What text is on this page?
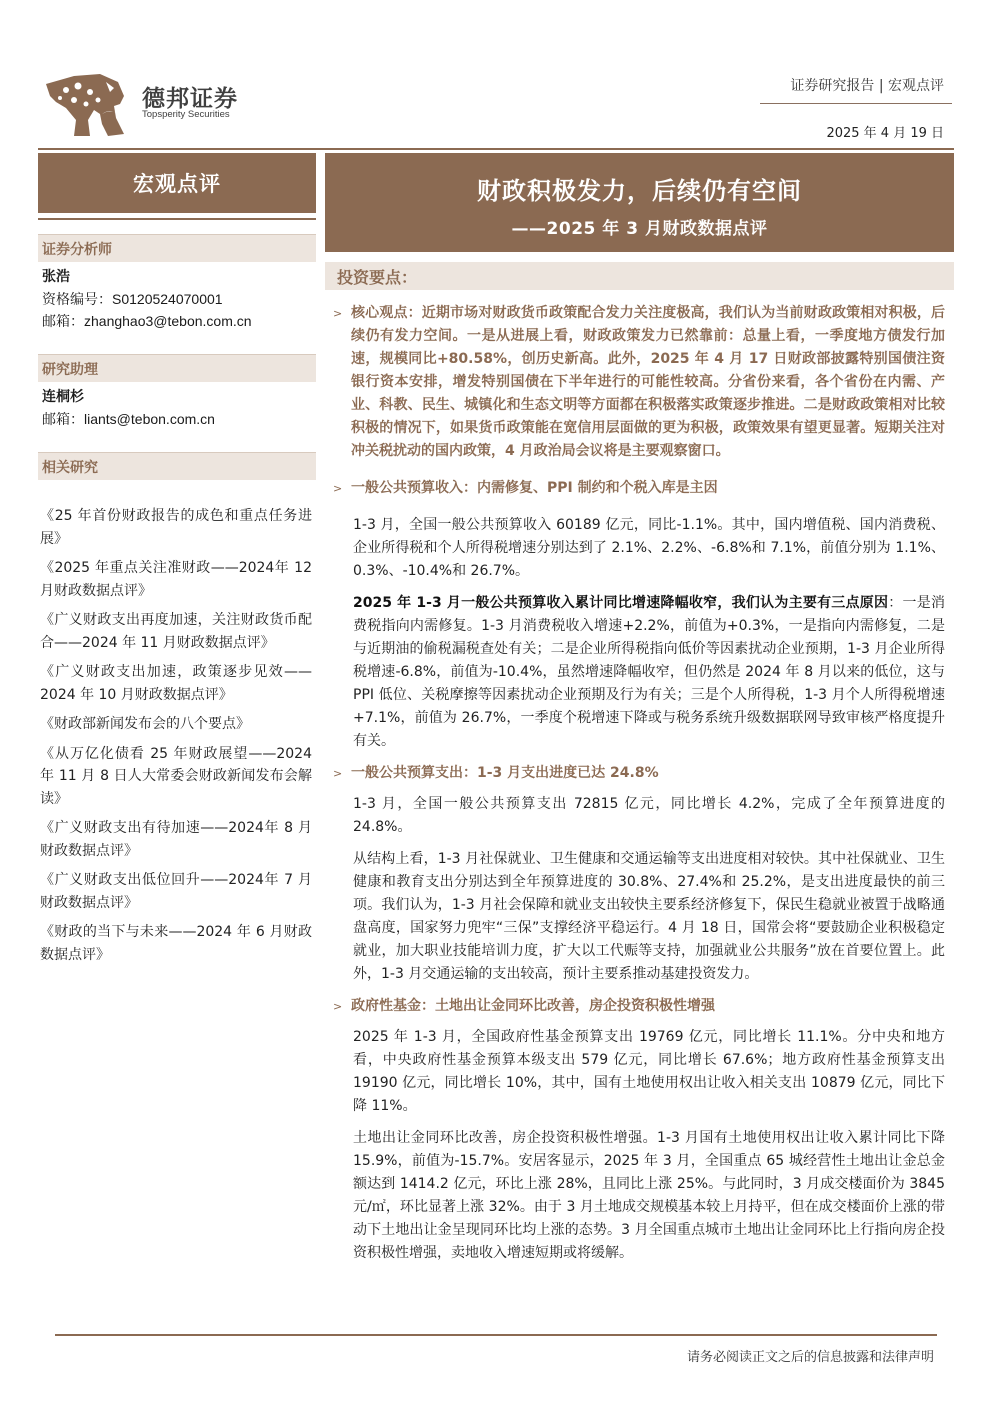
德邦证券
Topsperity Securities
证券研究报告 | 宏观点评
2025 年 4 月 19 日
宏观点评	财政积极发力，后续仍有空间
——2025 年 3 月财政数据点评
证券分析师
张浩
资格编号：S0120524070001
邮箱：zhanghao3@tebon.com.cn
研究助理
连桐杉
邮箱：liants@tebon.com.cn
相关研究
《25 年首份财政报告的成色和重点任务进展》
《2025 年重点关注准财政——2024年 12 月财政数据点评》
《广义财政支出再度加速，关注财政货币配合——2024 年 11 月财政数据点评》
《广义财政支出加速，政策逐步见效——2024 年 10 月财政数据点评》
《财政部新闻发布会的八个要点》
《从万亿化债看 25 年财政展望——2024 年 11 月 8 日人大常委会财政新闻发布会解读》
《广义财政支出有待加速——2024年 8 月财政数据点评》
《广义财政支出低位回升——2024年 7 月财政数据点评》
《财政的当下与未来——2024 年 6 月财政数据点评》
投资要点：
> 核心观点：近期市场对财政货币政策配合发力关注度极高，我们认为当前财政政策相对积极，后续仍有发力空间。一是从进展上看，财政政策发力已然靠前：总量上看，一季度地方债发行加速，规模同比+80.58%，创历史新高。此外，2025 年 4 月 17 日财政部披露特别国债注资银行资本安排，增发特别国债在下半年进行的可能性较高。分省份来看，各个省份在内需、产业、科教、民生、城镇化和生态文明等方面都在积极落实政策逐步推进。二是财政政策相对比较积极的情况下，如果货币政策能在宽信用层面做的更为积极，政策效果有望更显著。短期关注对冲关税扰动的国内政策，4 月政治局会议将是主要观察窗口。
> 一般公共预算收入：内需修复、PPI 制约和个税入库是主因

1-3 月，全国一般公共预算收入 60189 亿元，同比-1.1%。其中，国内增值税、国内消费税、企业所得税和个人所得税增速分别达到了 2.1%、2.2%、-6.8%和 7.1%，前值分别为 1.1%、0.3%、-10.4%和 26.7%。

2025 年 1-3 月一般公共预算收入累计同比增速降幅收窄，我们认为主要有三点原因：一是消费税指向内需修复。1-3 月消费税收入增速+2.2%，前值为+0.3%，一是指向内需修复，二是与近期油的偷税漏税查处有关；二是企业所得税指向低价等因素扰动企业预期，1-3 月企业所得税增速-6.8%，前值为-10.4%，虽然增速降幅收窄，但仍然是 2024 年 8 月以来的低位，这与 PPI 低位、关税摩擦等因素扰动企业预期及行为有关；三是个人所得税，1-3 月个人所得税增速+7.1%，前值为 26.7%，一季度个税增速下降或与税务系统升级数据联网导致审核严格度提升有关。

> 一般公共预算支出：1-3 月支出进度已达 24.8%

1-3 月，全国一般公共预算支出 72815 亿元，同比增长 4.2%，完成了全年预算进度的 24.8%。

从结构上看，1-3 月社保就业、卫生健康和交通运输等支出进度相对较快。其中社保就业、卫生健康和教育支出分别达到全年预算进度的 30.8%、27.4%和 25.2%，是支出进度最快的前三项。我们认为，1-3 月社会保障和就业支出较快主要系经济修复下，保民生稳就业被置于战略通盘高度，国家努力兜牢“三保”支撑经济平稳运行。4 月 18 日，国常会将“要鼓励企业积极稳定就业，加大职业技能培训力度，扩大以工代赈等支持，加强就业公共服务”放在首要位置上。此外，1-3 月交通运输的支出较高，预计主要系推动基建投资发力。

> 政府性基金：土地出让金同环比改善，房企投资积极性增强

2025 年 1-3 月，全国政府性基金预算支出 19769 亿元，同比增长 11.1%。分中央和地方看，中央政府性基金预算本级支出 579 亿元，同比增长 67.6%；地方政府性基金预算支出 19190 亿元，同比增长 10%，其中，国有土地使用权出让收入相关支出 10879 亿元，同比下降 11%。

土地出让金同环比改善，房企投资积极性增强。1-3 月国有土地使用权出让收入累计同比下降 15.9%，前值为-15.7%。安居客显示，2025 年 3 月，全国重点 65 城经营性土地出让金总金额达到 1414.2 亿元，环比上涨 28%，且同比上涨 25%。与此同时，3 月成交楼面价为 3845 元/㎡，环比显著上涨 32%。由于 3 月土地成交规模基本较上月持平，但在成交楼面价上涨的带动下土地出让金呈现同环比均上涨的态势。3 月全国重点城市土地出让金同环比上行指向房企投资积极性增强，卖地收入增速短期或将缓解。

请务必阅读正文之后的信息披露和法律声明
